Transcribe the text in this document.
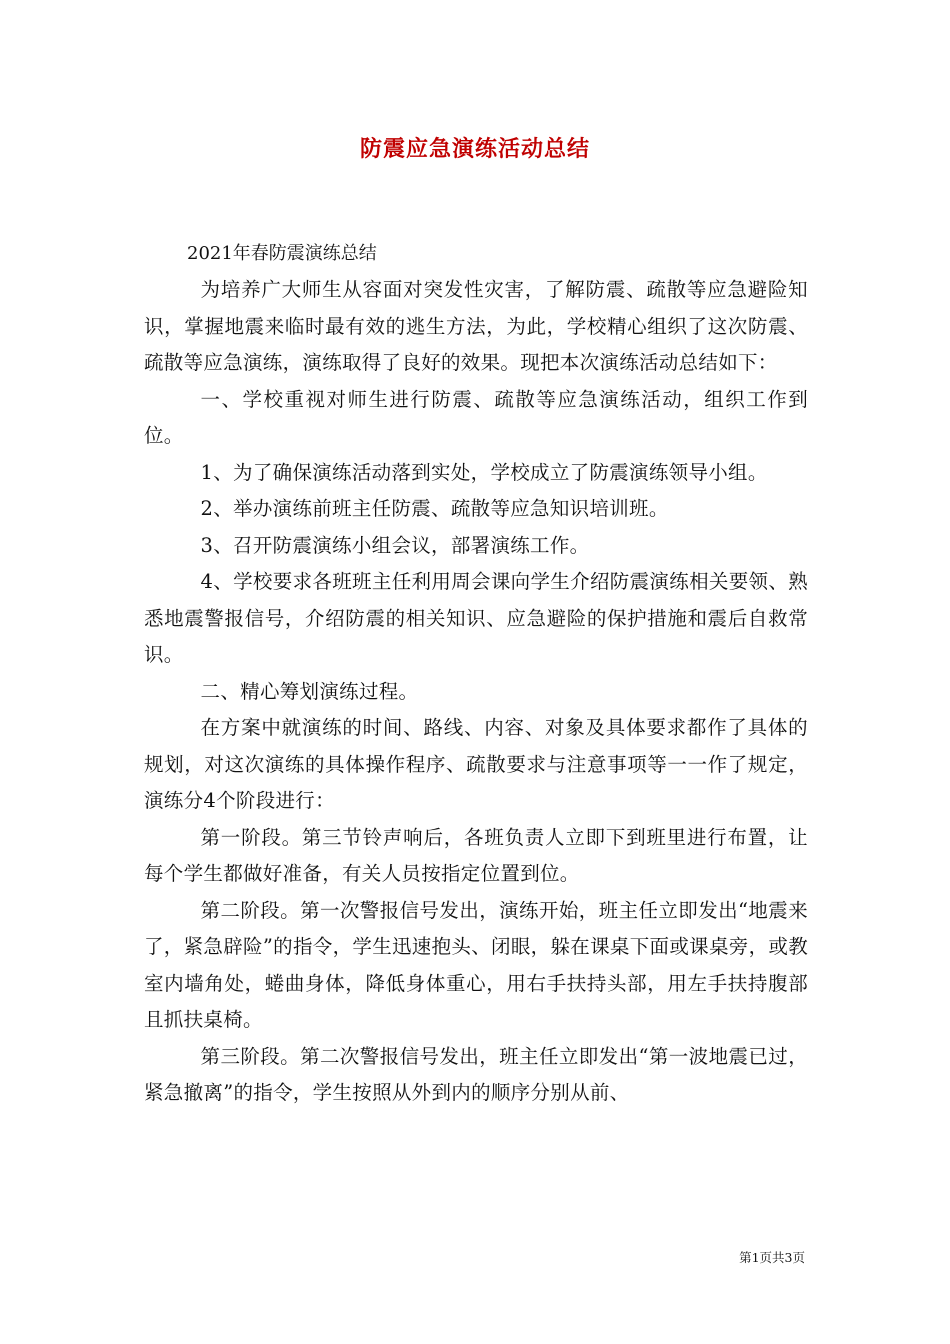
防震应急演练活动总结

2021年春防震演练总结

为培养广大师生从容面对突发性灾害，了解防震、疏散等应急避险知识，掌握地震来临时最有效的逃生方法，为此，学校精心组织了这次防震、疏散等应急演练，演练取得了良好的效果。现把本次演练活动总结如下：

一、学校重视对师生进行防震、疏散等应急演练活动，组织工作到位。

1、为了确保演练活动落到实处，学校成立了防震演练领导小组。

2、举办演练前班主任防震、疏散等应急知识培训班。

3、召开防震演练小组会议，部署演练工作。

4、学校要求各班班主任利用周会课向学生介绍防震演练相关要领、熟悉地震警报信号，介绍防震的相关知识、应急避险的保护措施和震后自救常识。

二、精心筹划演练过程。

在方案中就演练的时间、路线、内容、对象及具体要求都作了具体的规划，对这次演练的具体操作程序、疏散要求与注意事项等一一作了规定，演练分4个阶段进行：

第一阶段。第三节铃声响后，各班负责人立即下到班里进行布置，让每个学生都做好准备，有关人员按指定位置到位。

第二阶段。第一次警报信号发出，演练开始，班主任立即发出“地震来了，紧急辟险”的指令，学生迅速抱头、闭眼，躲在课桌下面或课桌旁，或教室内墙角处，蜷曲身体，降低身体重心，用右手扶持头部，用左手扶持腹部且抓扶桌椅。

第三阶段。第二次警报信号发出，班主任立即发出“第一波地震已过，紧急撤离”的指令，学生按照从外到内的顺序分别从前、

第1页共3页
